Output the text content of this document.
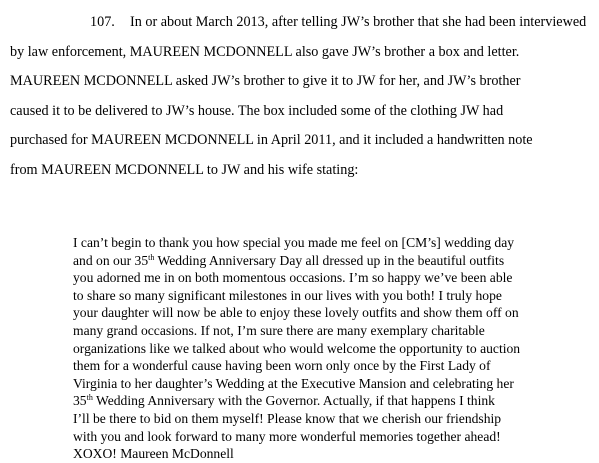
107. In or about March 2013, after telling JW’s brother that she had been interviewed
by law enforcement, MAUREEN MCDONNELL also gave JW’s brother a box and letter.
MAUREEN MCDONNELL asked JW’s brother to give it to JW for her, and JW’s brother
caused it to be delivered to JW’s house. The box included some of the clothing JW had
purchased for MAUREEN MCDONNELL in April 2011, and it included a handwritten note
from MAUREEN MCDONNELL to JW and his wife stating:
I can’t begin to thank you how special you made me feel on [CM’s] wedding day
and on our 35th Wedding Anniversary Day all dressed up in the beautiful outfits
you adorned me in on both momentous occasions. I’m so happy we’ve been able
to share so many significant milestones in our lives with you both! I truly hope
your daughter will now be able to enjoy these lovely outfits and show them off on
many grand occasions. If not, I’m sure there are many exemplary charitable
organizations like we talked about who would welcome the opportunity to auction
them for a wonderful cause having been worn only once by the First Lady of
Virginia to her daughter’s Wedding at the Executive Mansion and celebrating her
35th Wedding Anniversary with the Governor. Actually, if that happens I think
I’ll be there to bid on them myself! Please know that we cherish our friendship
with you and look forward to many more wonderful memories together ahead!
XOXO! Maureen McDonnell
